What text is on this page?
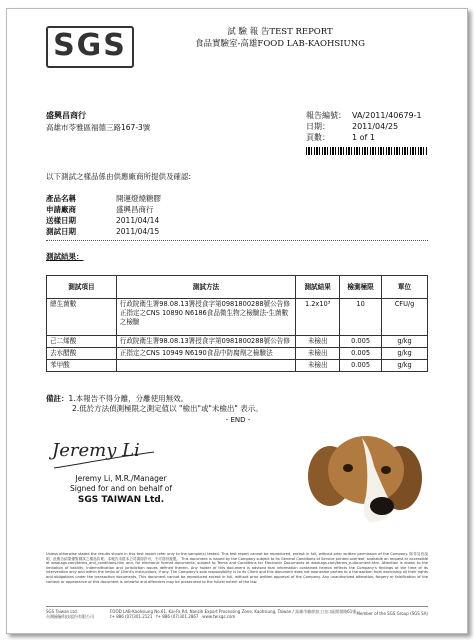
SGS	試 驗 報 告TEST REPORT
食品實驗室-高雄FOOD LAB-KAOHSIUNG
盛興昌商行
高雄市苓雅區福德三路167-3號
報告編號： VA/2011/40679-1
日期：	2011/04/25
頁數：	1 of 1
以下測試之樣品係由供應廠商所提供及確認:
產品名稱	開運燈燒糖膠
申請廠商	盛興昌商行
送樣日期	2011/04/14
測試日期	2011/04/15
測試結果：
測試項目	測試方法	測試結果	檢測極限	單位
總生菌數	行政院衛生署98.08.13署授食字第0981800288號公告修正指定之CNS 10890 N6186食品微生物之檢驗法-生菌數之檢驗	1.2x10³	10	CFU/g
己二烯酸	行政院衛生署98.08.13署授食字第0981800288號公告修	未檢出	0.005	g/kg
去水醋酸	正指定之CNS 10949 N6190食品中防腐劑之檢驗法	未檢出	0.005	g/kg
苯甲酸		未檢出	0.005	g/kg
備註：1.本報告不得分離，分離使用無效。
2.低於方法偵測極限之測定值以 "檢出"或"未檢出" 表示。
- END -
Jeremy Li
Jeremy Li, M.R./Manager
Signed for and on behalf of
SGS TAIWAN Ltd.
Unless otherwise stated the results shown in this test report refer only to the sample(s) tested. This test report cannot be reproduced, except in full, without prior written permission of the Company. 除非另有說明，此報告結果僅對測試之樣品負責。本報告未經本公司書面許可，不可部份複製。 This document is issued by the Company subject to its General Conditions of Service printed overleaf, available on request or accessible at www.sgs.com/terms_and_conditions.htm and, for electronic format documents, subject to Terms and Conditions for Electronic Documents at www.sgs.com/terms_e-document.htm. Attention is drawn to the limitation of liability, indemnification and jurisdiction issues defined therein. Any holder of this document is advised that information contained hereon reflects the Company's findings at the time of its intervention only and within the limits of Client's instructions, if any. The Company's sole responsibility is to its Client and this document does not exonerate parties to a transaction from exercising all their rights and obligations under the transaction documents. This document cannot be reproduced except in full, without prior written approval of the Company. Any unauthorized alteration, forgery or falsification of the content or appearance of this document is unlawful and offenders may be prosecuted to the fullest extent of the law.
SGS Taiwan Ltd.
台灣檢驗科技股份有限公司
FOOD LAB-Kaohsiung No.61, Kai-Fa Rd, Nanzih Export Processing Zone, Kaohsiung, Taiwan / 高雄市楠梓加工出口區開發路61號
t+ 886 (07)301.2121 f+ 886 (07)301.2867 www.tw.sgs.com
Member of the SGS Group (SGS SA)
